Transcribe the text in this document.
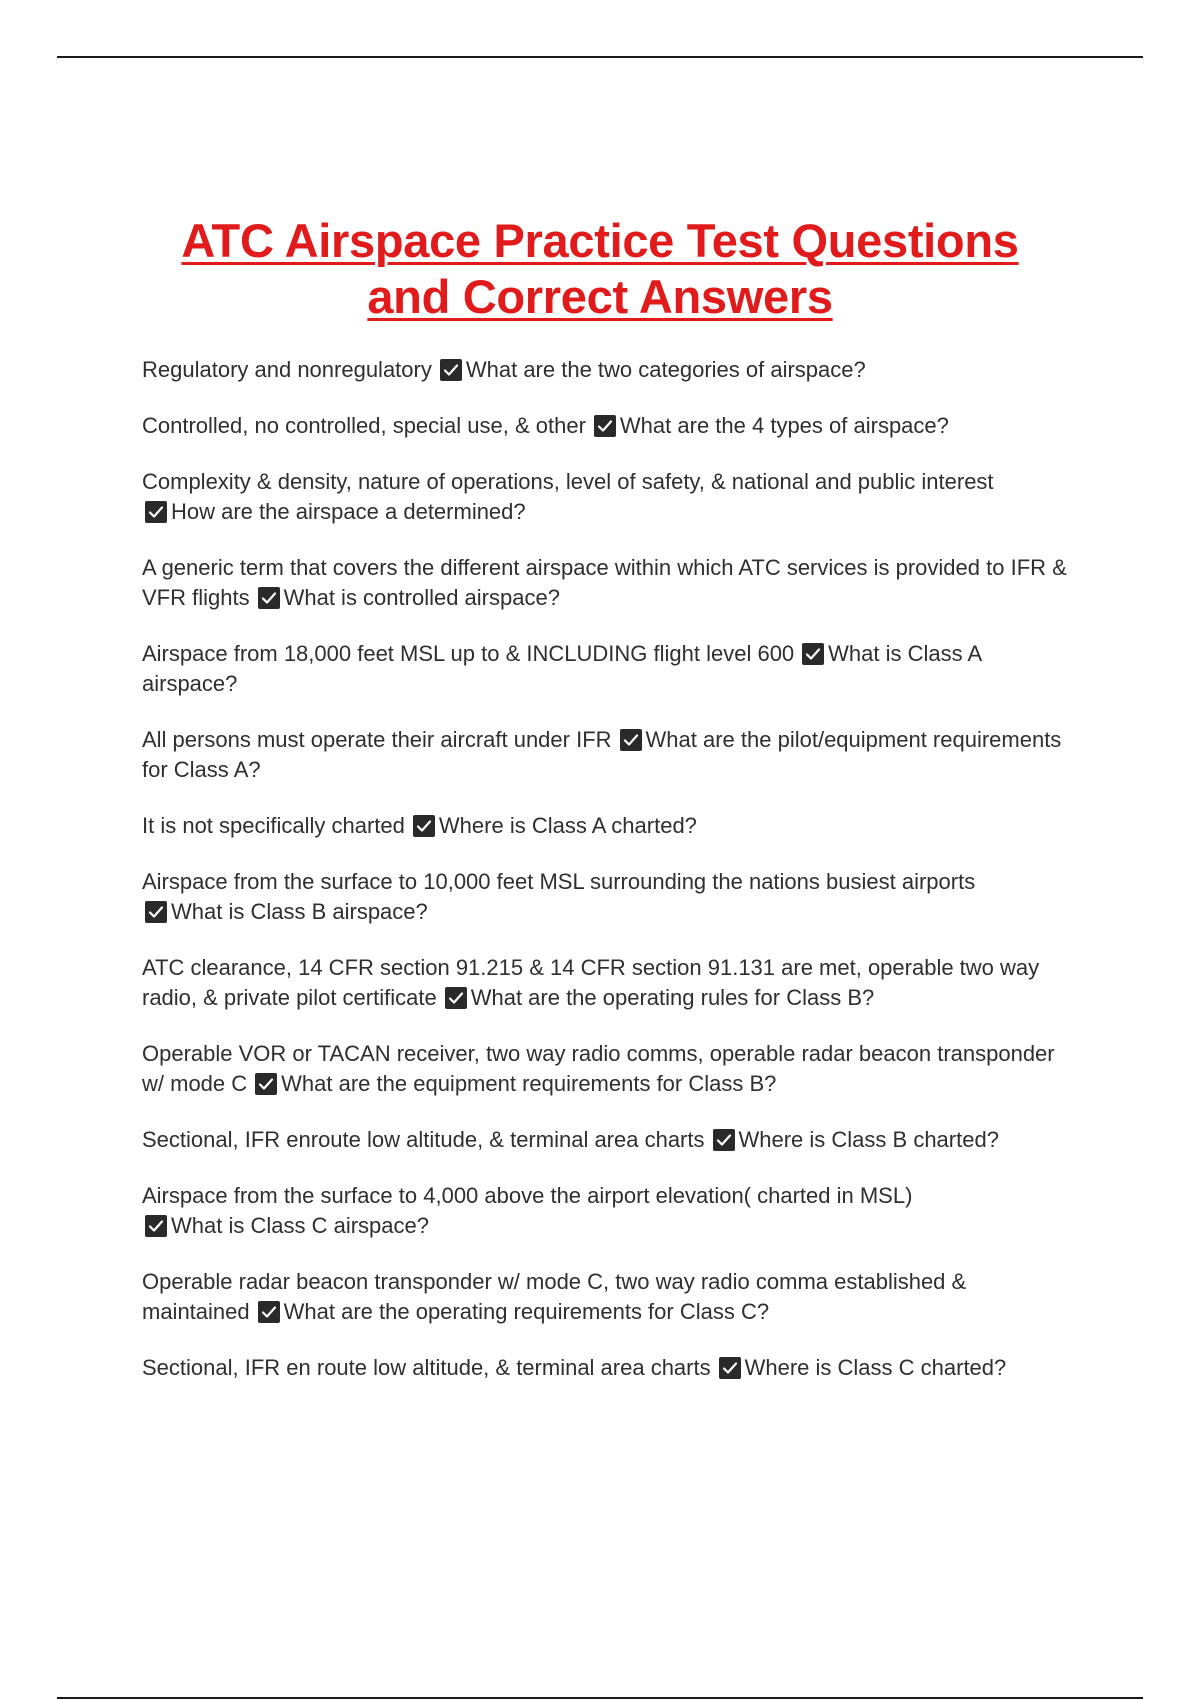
ATC Airspace Practice Test Questions
and Correct Answers
Regulatory and nonregulatory What are the two categories of airspace?
Controlled, no controlled, special use, & other What are the 4 types of airspace?
Complexity & density, nature of operations, level of safety, & national and public interest

How are the airspace a determined?
A generic term that covers the different airspace within which ATC services is provided to IFR & VFR flights What is controlled airspace?
Airspace from 18,000 feet MSL up to & INCLUDING flight level 600 What is Class A airspace?
All persons must operate their aircraft under IFR What are the pilot/equipment requirements for Class A?
It is not specifically charted Where is Class A charted?
Airspace from the surface to 10,000 feet MSL surrounding the nations busiest airports

What is Class B airspace?
ATC clearance, 14 CFR section 91.215 & 14 CFR section 91.131 are met, operable two way radio, & private pilot certificate What are the operating rules for Class B?
Operable VOR or TACAN receiver, two way radio comms, operable radar beacon transponder w/ mode C What are the equipment requirements for Class B?
Sectional, IFR enroute low altitude, & terminal area charts Where is Class B charted?
Airspace from the surface to 4,000 above the airport elevation( charted in MSL)

What is Class C airspace?
Operable radar beacon transponder w/ mode C, two way radio comma established & maintained What are the operating requirements for Class C?
Sectional, IFR en route low altitude, & terminal area charts Where is Class C charted?
